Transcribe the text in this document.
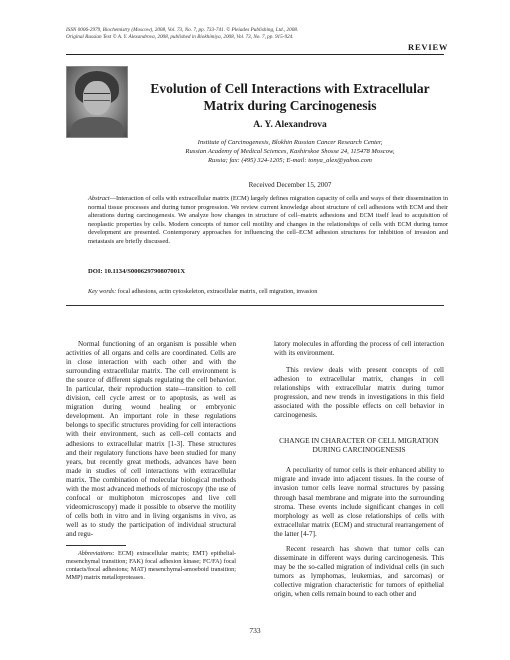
ISSN 0006-2979, Biochemistry (Moscow), 2008, Vol. 73, No. 7, pp. 733-741. © Pleiades Publishing, Ltd., 2008.
Original Russian Text © A. Y. Alexandrova, 2008, published in Biokhimiya, 2008, Vol. 73, No. 7, pp. 915-924.
REVIEW
Evolution of Cell Interactions with Extracellular
Matrix during Carcinogenesis
A. Y. Alexandrova
Institute of Carcinogenesis, Blokhin Russian Cancer Research Center,
Russian Academy of Medical Sciences, Kashirskoe Shosse 24, 115478 Moscow,
Russia; fax: (495) 324-1205; E-mail: tonya_alex@yahoo.com
Received December 15, 2007
Abstract—Interaction of cells with extracellular matrix (ECM) largely defines migration capacity of cells and ways of their dissemination in normal tissue processes and during tumor progression. We review current knowledge about structure of cell adhesions with ECM and their alterations during carcinogenesis. We analyze how changes in structure of cell–matrix adhesions and ECM itself lead to acquisition of neoplastic properties by cells. Modern concepts of tumor cell motility and changes in the relationships of cells with ECM during tumor development are presented. Contemporary approaches for influencing the cell–ECM adhesion structures for inhibition of invasion and metastasis are briefly discussed.
DOI: 10.1134/S000629790807001X
Key words: focal adhesions, actin cytoskeleton, extracellular matrix, cell migration, invasion

Normal functioning of an organism is possible when activities of all organs and cells are coordinated. Cells are in close interaction with each other and with the surrounding extracellular matrix. The cell environment is the source of different signals regulating the cell behavior. In particular, their reproduction state—transition to cell division, cell cycle arrest or to apoptosis, as well as migration during wound healing or embryonic development. An important role in these regulations belongs to specific structures providing for cell interactions with their environment, such as cell–cell contacts and adhesions to extracellular matrix [1-3]. These structures and their regulatory functions have been studied for many years, but recently great methods, advances have been made in studies of cell interactions with extracellular matrix. The combination of molecular biological methods with the most advanced methods of microscopy (the use of confocal or multiphoton microscopes and live cell videomicroscopy) made it possible to observe the motility of cells both in vitro and in living organisms in vivo, as well as to study the participation of individual structural and regu-

Abbreviations: ECM) extracellular matrix; EMT) epithelial-mesenchymal transition; FAK) focal adhesion kinase; FC/FA) focal contacts/focal adhesions; MAT) mesenchymal-amoeboid transition; MMP) matrix metalloproteases.

latory molecules in affording the process of cell interaction with its environment.

This review deals with present concepts of cell adhesion to extracellular matrix, changes in cell relationships with extracellular matrix during tumor progression, and new trends in investigations in this field associated with the possible effects on cell behavior in carcinogenesis.

CHANGE IN CHARACTER OF CELL MIGRATION
DURING CARCINOGENESIS

A peculiarity of tumor cells is their enhanced ability to migrate and invade into adjacent tissues. In the course of invasion tumor cells leave normal structures by passing through basal membrane and migrate into the surrounding stroma. These events include significant changes in cell morphology as well as close relationships of cells with extracellular matrix (ECM) and structural rearrangement of the latter [4-7].

Recent research has shown that tumor cells can disseminate in different ways during carcinogenesis. This may be the so-called migration of individual cells (in such tumors as lymphomas, leukemias, and sarcomas) or collective migration characteristic for tumors of epithelial origin, when cells remain bound to each other and

733
